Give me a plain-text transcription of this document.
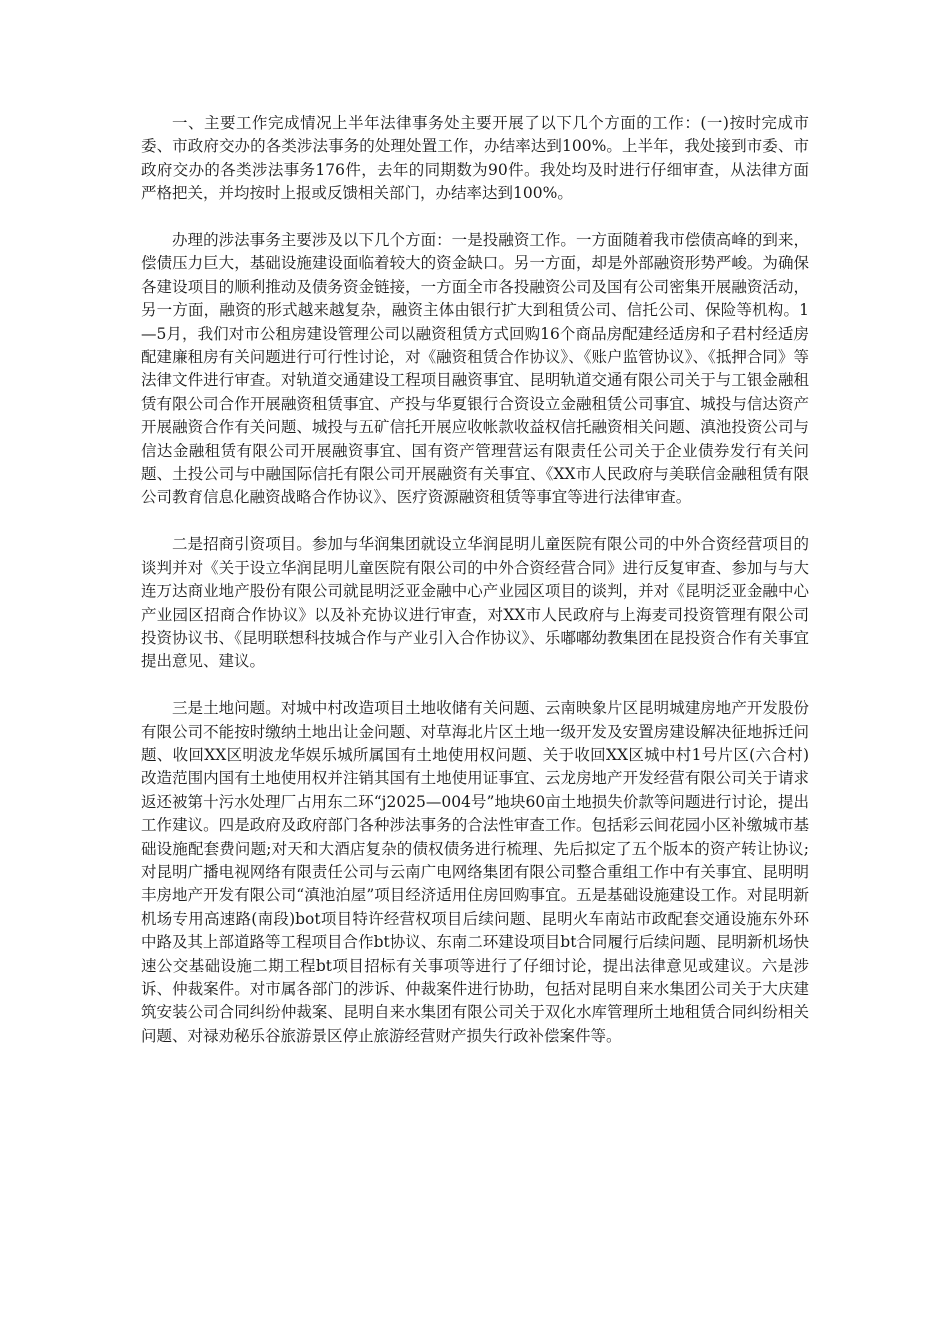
一、主要工作完成情况上半年法律事务处主要开展了以下几个方面的工作：(一)按时完成市委、市政府交办的各类涉法事务的处理处置工作，办结率达到100%。上半年，我处接到市委、市政府交办的各类涉法事务176件，去年的同期数为90件。我处均及时进行仔细审查，从法律方面严格把关，并均按时上报或反馈相关部门，办结率达到100%。

办理的涉法事务主要涉及以下几个方面：一是投融资工作。一方面随着我市偿债高峰的到来，偿债压力巨大，基础设施建设面临着较大的资金缺口。另一方面，却是外部融资形势严峻。为确保各建设项目的顺利推动及债务资金链接，一方面全市各投融资公司及国有公司密集开展融资活动，另一方面，融资的形式越来越复杂，融资主体由银行扩大到租赁公司、信托公司、保险等机构。1—5月，我们对市公租房建设管理公司以融资租赁方式回购16个商品房配建经适房和子君村经适房配建廉租房有关问题进行可行性讨论，对《融资租赁合作协议》、《账户监管协议》、《抵押合同》等法律文件进行审查。对轨道交通建设工程项目融资事宜、昆明轨道交通有限公司关于与工银金融租赁有限公司合作开展融资租赁事宜、产投与华夏银行合资设立金融租赁公司事宜、城投与信达资产开展融资合作有关问题、城投与五矿信托开展应收帐款收益权信托融资相关问题、滇池投资公司与信达金融租赁有限公司开展融资事宜、国有资产管理营运有限责任公司关于企业债券发行有关问题、土投公司与中融国际信托有限公司开展融资有关事宜、《XX市人民政府与美联信金融租赁有限公司教育信息化融资战略合作协议》、医疗资源融资租赁等事宜等进行法律审查。

二是招商引资项目。参加与华润集团就设立华润昆明儿童医院有限公司的中外合资经营项目的谈判并对《关于设立华润昆明儿童医院有限公司的中外合资经营合同》进行反复审查、参加与与大连万达商业地产股份有限公司就昆明泛亚金融中心产业园区项目的谈判，并对《昆明泛亚金融中心产业园区招商合作协议》以及补充协议进行审查，对XX市人民政府与上海麦司投资管理有限公司投资协议书、《昆明联想科技城合作与产业引入合作协议》、乐嘟嘟幼教集团在昆投资合作有关事宜提出意见、建议。

三是土地问题。对城中村改造项目土地收储有关问题、云南映象片区昆明城建房地产开发股份有限公司不能按时缴纳土地出让金问题、对草海北片区土地一级开发及安置房建设解决征地拆迁问题、收回XX区明波龙华娱乐城所属国有土地使用权问题、关于收回XX区城中村1号片区(六合村)改造范围内国有土地使用权并注销其国有土地使用证事宜、云龙房地产开发经营有限公司关于请求返还被第十污水处理厂占用东二环“j2025—004号”地块60亩土地损失价款等问题进行讨论，提出工作建议。四是政府及政府部门各种涉法事务的合法性审查工作。包括彩云间花园小区补缴城市基础设施配套费问题;对天和大酒店复杂的债权债务进行梳理、先后拟定了五个版本的资产转让协议;对昆明广播电视网络有限责任公司与云南广电网络集团有限公司整合重组工作中有关事宜、昆明明丰房地产开发有限公司“滇池泊屋”项目经济适用住房回购事宜。五是基础设施建设工作。对昆明新机场专用高速路(南段)bot项目特许经营权项目后续问题、昆明火车南站市政配套交通设施东外环中路及其上部道路等工程项目合作bt协议、东南二环建设项目bt合同履行后续问题、昆明新机场快速公交基础设施二期工程bt项目招标有关事项等进行了仔细讨论，提出法律意见或建议。六是涉诉、仲裁案件。对市属各部门的涉诉、仲裁案件进行协助，包括对昆明自来水集团公司关于大庆建筑安装公司合同纠纷仲裁案、昆明自来水集团有限公司关于双化水库管理所土地租赁合同纠纷相关问题、对禄劝秘乐谷旅游景区停止旅游经营财产损失行政补偿案件等。
